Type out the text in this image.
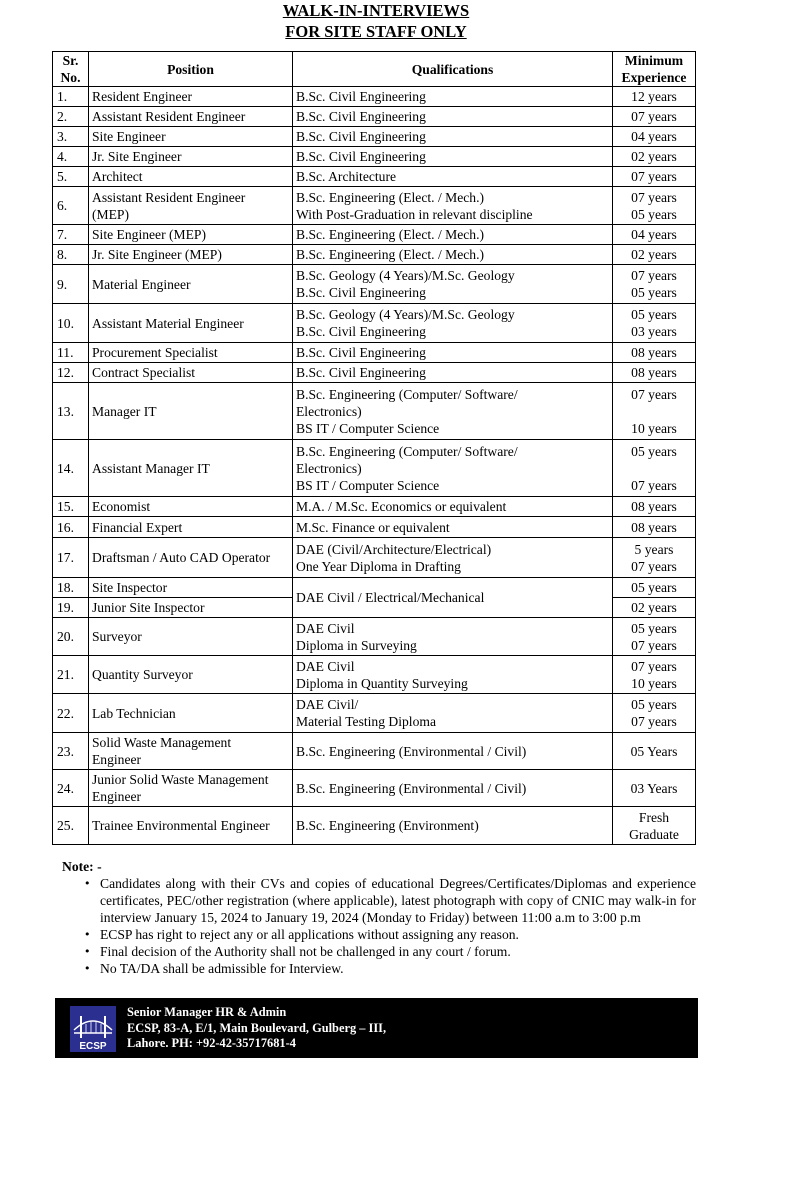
WALK-IN-INTERVIEWS
FOR SITE STAFF ONLY
Sr.
No.	Position	Qualifications	Minimum
Experience

1.	Resident Engineer	B.Sc. Civil Engineering	12 years

2.	Assistant Resident Engineer	B.Sc. Civil Engineering	07 years

3.	Site Engineer	B.Sc. Civil Engineering	04 years

4.	Jr. Site Engineer	B.Sc. Civil Engineering	02 years

5.	Architect	B.Sc. Architecture	07 years

6.	Assistant Resident Engineer
(MEP)	B.Sc. Engineering (Elect. / Mech.)
With Post-Graduation in relevant discipline	07 years
05 years

7.	Site Engineer (MEP)	B.Sc. Engineering (Elect. / Mech.)	04 years

8.	Jr. Site Engineer (MEP)	B.Sc. Engineering (Elect. / Mech.)	02 years

9.	Material Engineer	B.Sc. Geology (4 Years)/M.Sc. Geology
B.Sc. Civil Engineering	07 years
05 years

10.	Assistant Material Engineer	B.Sc. Geology (4 Years)/M.Sc. Geology
B.Sc. Civil Engineering	05 years
03 years

11.	Procurement Specialist	B.Sc. Civil Engineering	08 years

12.	Contract Specialist	B.Sc. Civil Engineering	08 years

13.	Manager IT	B.Sc. Engineering (Computer/ Software/
Electronics)
BS IT / Computer Science	07 years

10 years

14.	Assistant Manager IT	B.Sc. Engineering (Computer/ Software/
Electronics)
BS IT / Computer Science	05 years

07 years

15.	Economist	M.A. / M.Sc. Economics or equivalent	08 years

16.	Financial Expert	M.Sc. Finance or equivalent	08 years

17.	Draftsman / Auto CAD Operator	DAE (Civil/Architecture/Electrical)
One Year Diploma in Drafting	5 years
07 years

18.	Site Inspector	DAE Civil / Electrical/Mechanical	05 years

19.	Junior Site Inspector		02 years

20.	Surveyor	DAE Civil
Diploma in Surveying	05 years
07 years

21.	Quantity Surveyor	DAE Civil
Diploma in Quantity Surveying	07 years
10 years

22.	Lab Technician	DAE Civil/
Material Testing Diploma	05 years
07 years

23.	Solid Waste Management
Engineer	B.Sc. Engineering (Environmental / Civil)	05 Years

24.	Junior Solid Waste Management
Engineer	B.Sc. Engineering (Environmental / Civil)	03 Years

25.	Trainee Environmental Engineer	B.Sc. Engineering (Environment)	Fresh
Graduate
Note: -
• Candidates along with their CVs and copies of educational Degrees/Certificates/Diplomas and experience certificates, PEC/other registration (where applicable), latest photograph with copy of CNIC may walk-in for interview January 15, 2024 to January 19, 2024 (Monday to Friday) between 11:00 a.m to 3:00 p.m
• ECSP has right to reject any or all applications without assigning any reason.
• Final decision of the Authority shall not be challenged in any court / forum.
• No TA/DA shall be admissible for Interview.
ECSP
Senior Manager HR & Admin
ECSP, 83-A, E/1, Main Boulevard, Gulberg – III,
Lahore. PH: +92-42-35717681-4
